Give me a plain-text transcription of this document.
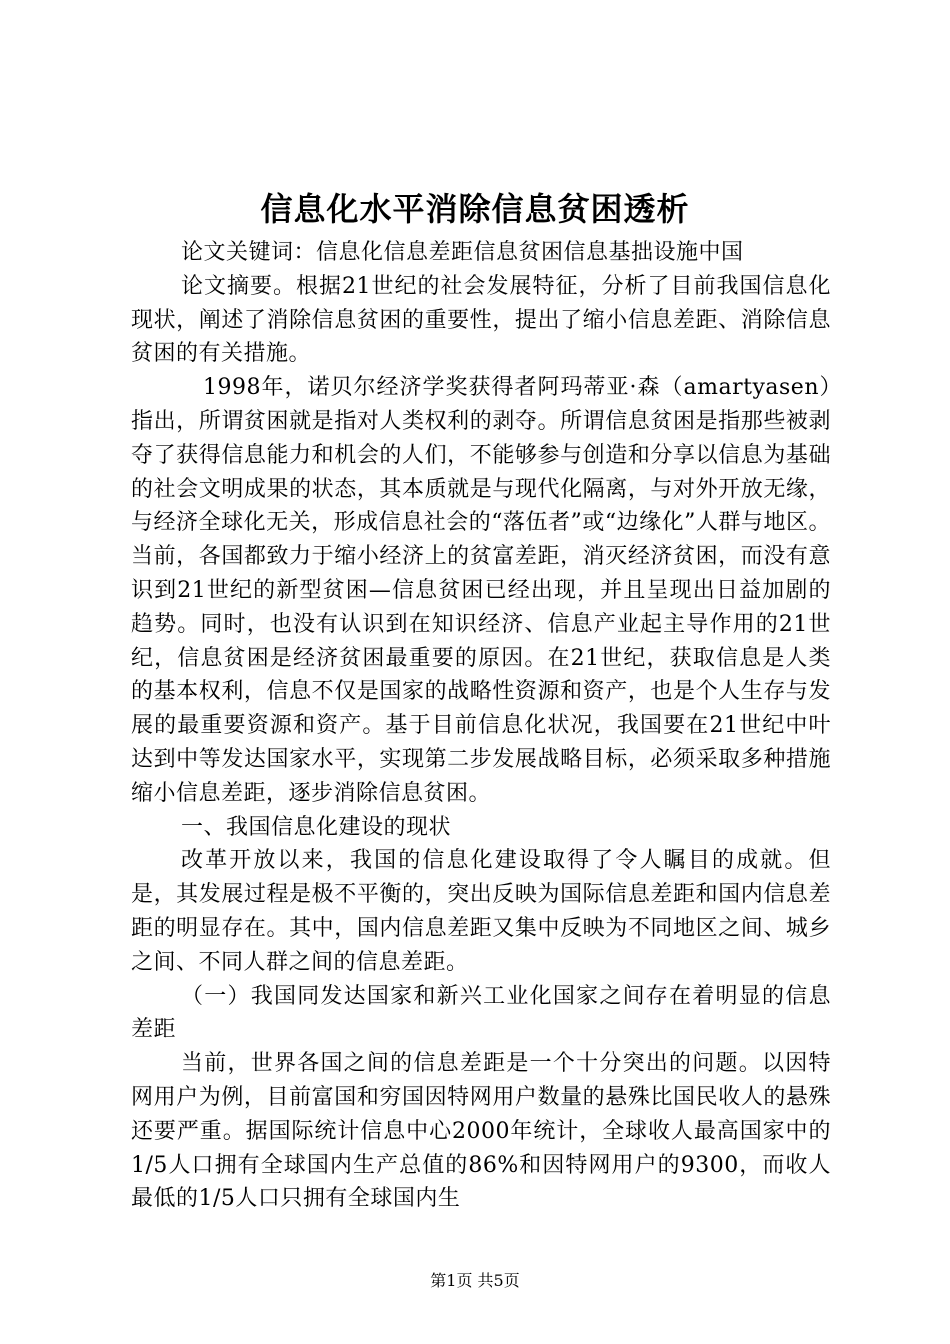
信息化水平消除信息贫困透析

论文关键词：信息化信息差距信息贫困信息基拙设施中国

论文摘要。根据21世纪的社会发展特征，分析了目前我国信息化现状，阐述了消除信息贫困的重要性，提出了缩小信息差距、消除信息贫困的有关措施。

1998年，诺贝尔经济学奖获得者阿玛蒂亚·森（amartyasen）指出，所谓贫困就是指对人类权利的剥夺。所谓信息贫困是指那些被剥夺了获得信息能力和机会的人们，不能够参与创造和分享以信息为基础的社会文明成果的状态，其本质就是与现代化隔离，与对外开放无缘，与经济全球化无关，形成信息社会的“落伍者”或“边缘化”人群与地区。当前，各国都致力于缩小经济上的贫富差距，消灭经济贫困，而没有意识到21世纪的新型贫困—信息贫困已经出现，并且呈现出日益加剧的趋势。同时，也没有认识到在知识经济、信息产业起主导作用的21世纪，信息贫困是经济贫困最重要的原因。在21世纪，获取信息是人类的基本权利，信息不仅是国家的战略性资源和资产，也是个人生存与发展的最重要资源和资产。基于目前信息化状况，我国要在21世纪中叶达到中等发达国家水平，实现第二步发展战略目标，必须采取多种措施缩小信息差距，逐步消除信息贫困。

一、我国信息化建设的现状

改革开放以来，我国的信息化建设取得了令人瞩目的成就。但是，其发展过程是极不平衡的，突出反映为国际信息差距和国内信息差距的明显存在。其中，国内信息差距又集中反映为不同地区之间、城乡之间、不同人群之间的信息差距。

（一）我国同发达国家和新兴工业化国家之间存在着明显的信息差距

当前，世界各国之间的信息差距是一个十分突出的问题。以因特网用户为例，目前富国和穷国因特网用户数量的悬殊比国民收人的悬殊还要严重。据国际统计信息中心2000年统计，全球收人最高国家中的1/5人口拥有全球国内生产总值的86%和因特网用户的9300，而收人最低的1/5人口只拥有全球国内生

第1页 共5页
